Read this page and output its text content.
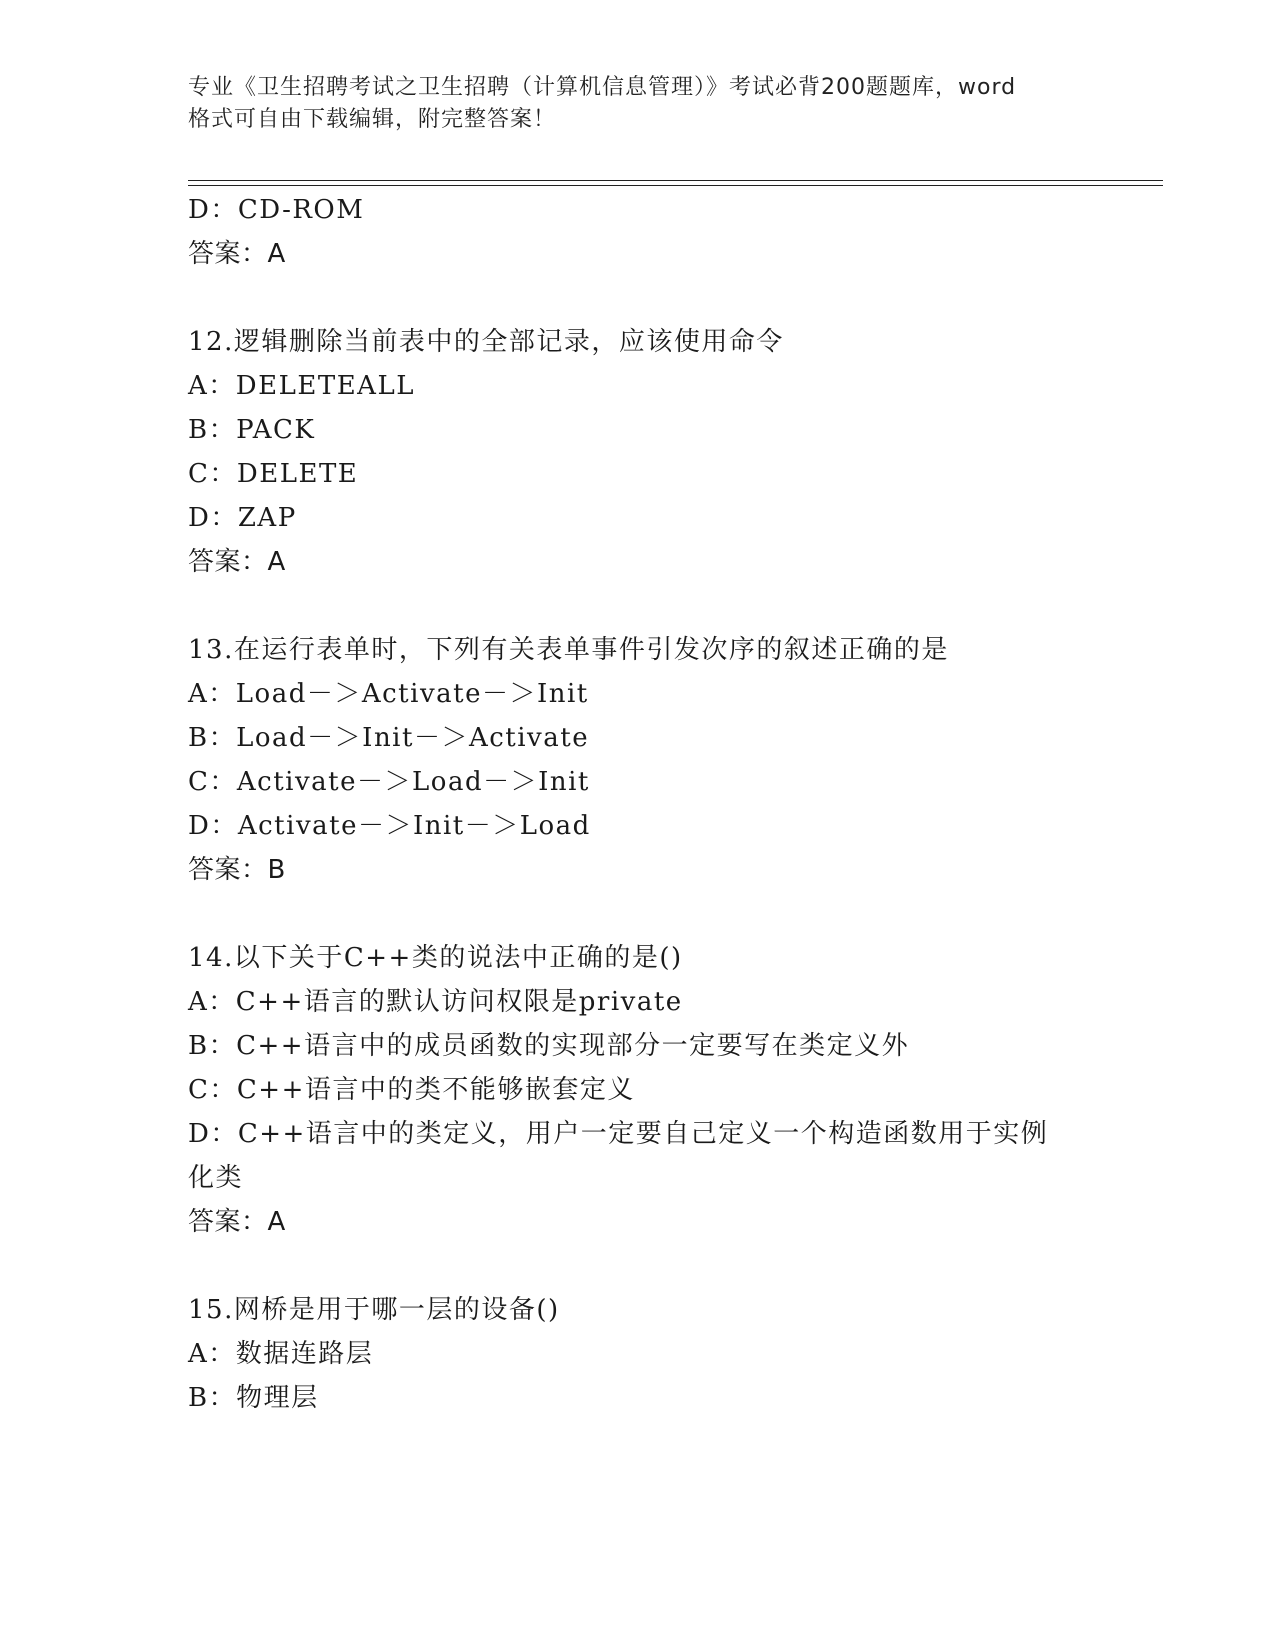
专业《卫生招聘考试之卫生招聘（计算机信息管理）》考试必背200题题库，word
格式可自由下载编辑，附完整答案！
D：CD-ROM
答案：A
12.逻辑删除当前表中的全部记录，应该使用命令
A：DELETEALL
B：PACK
C：DELETE
D：ZAP
答案：A
13.在运行表单时，下列有关表单事件引发次序的叙述正确的是
A：Load－＞Activate－＞Init
B：Load－＞Init－＞Activate
C：Activate－＞Load－＞Init
D：Activate－＞Init－＞Load
答案：B
14.以下关于C++类的说法中正确的是()
A：C++语言的默认访问权限是private
B：C++语言中的成员函数的实现部分一定要写在类定义外
C：C++语言中的类不能够嵌套定义
D：C++语言中的类定义，用户一定要自己定义一个构造函数用于实例
化类
答案：A
15.网桥是用于哪一层的设备()
A：数据连路层
B：物理层
